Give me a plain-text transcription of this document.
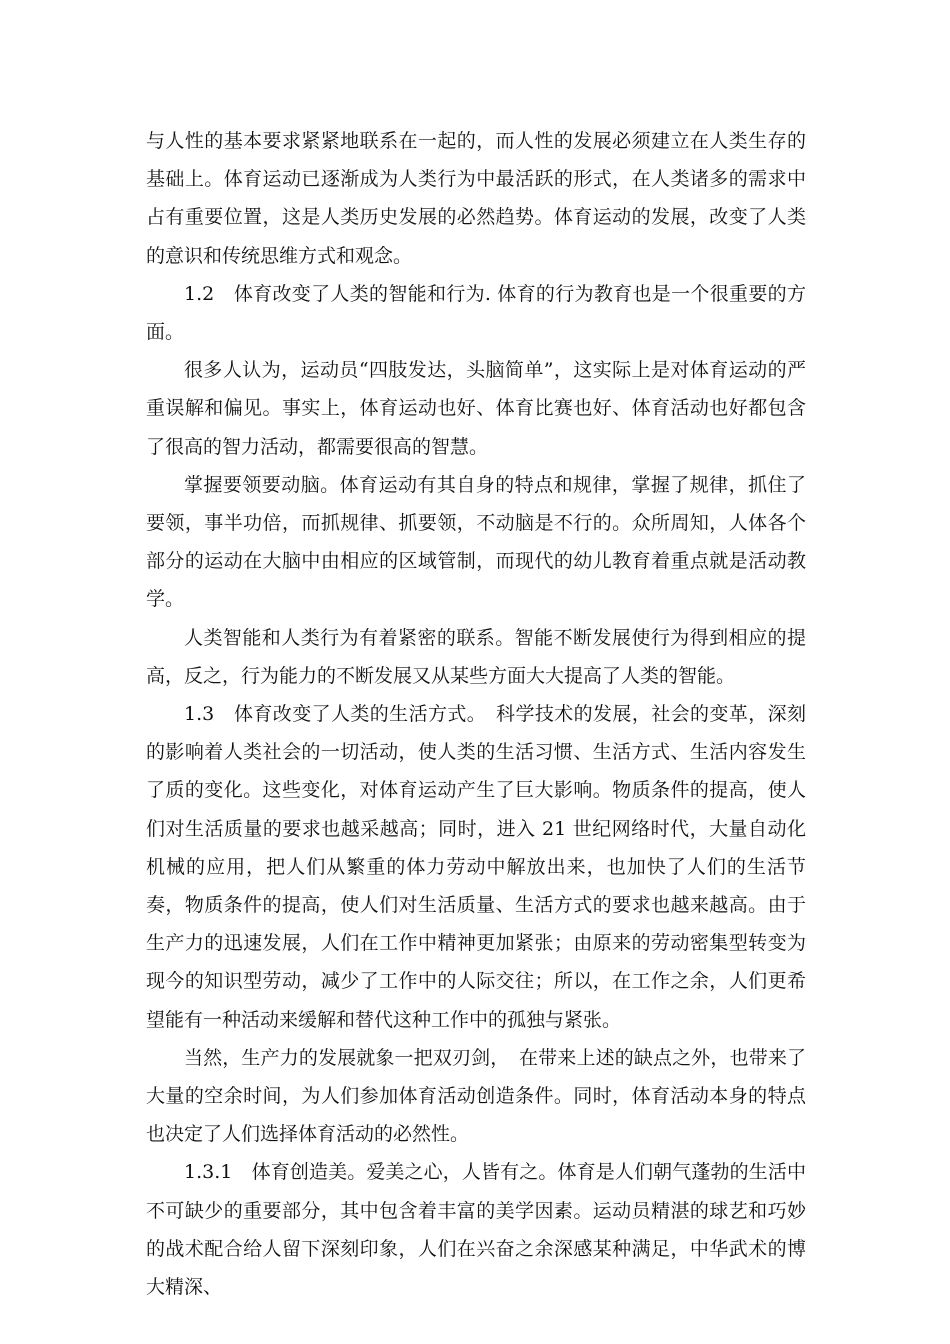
与人性的基本要求紧紧地联系在一起的，而人性的发展必须建立在人类生存的基础上。体育运动已逐渐成为人类行为中最活跃的形式，在人类诸多的需求中占有重要位置，这是人类历史发展的必然趋势。体育运动的发展，改变了人类的意识和传统思维方式和观念。

1.2　体育改变了人类的智能和行为. 体育的行为教育也是一个很重要的方面。

很多人认为，运动员“四肢发达，头脑简单”，这实际上是对体育运动的严重误解和偏见。事实上，体育运动也好、体育比赛也好、体育活动也好都包含了很高的智力活动，都需要很高的智慧。

掌握要领要动脑。体育运动有其自身的特点和规律，掌握了规律，抓住了要领，事半功倍，而抓规律、抓要领，不动脑是不行的。众所周知，人体各个部分的运动在大脑中由相应的区域管制，而现代的幼儿教育着重点就是活动教学。

人类智能和人类行为有着紧密的联系。智能不断发展使行为得到相应的提高，反之，行为能力的不断发展又从某些方面大大提高了人类的智能。

1.3　体育改变了人类的生活方式。　科学技术的发展，社会的变革，深刻的影响着人类社会的一切活动，使人类的生活习惯、生活方式、生活内容发生了质的变化。这些变化，对体育运动产生了巨大影响。物质条件的提高，使人们对生活质量的要求也越采越高；同时，进入 21 世纪网络时代，大量自动化机械的应用，把人们从繁重的体力劳动中解放出来，也加快了人们的生活节奏，物质条件的提高，使人们对生活质量、生活方式的要求也越来越高。由于生产力的迅速发展，人们在工作中精神更加紧张；由原来的劳动密集型转变为现今的知识型劳动，减少了工作中的人际交往；所以，在工作之余，人们更希望能有一种活动来缓解和替代这种工作中的孤独与紧张。

当然，生产力的发展就象一把双刃剑，　在带来上述的缺点之外，也带来了大量的空余时间，为人们参加体育活动创造条件。同时，体育活动本身的特点也决定了人们选择体育活动的必然性。

1.3.1　体育创造美。爱美之心，人皆有之。体育是人们朝气蓬勃的生活中不可缺少的重要部分，其中包含着丰富的美学因素。运动员精湛的球艺和巧妙的战术配合给人留下深刻印象，人们在兴奋之余深感某种满足，中华武术的博大精深、
